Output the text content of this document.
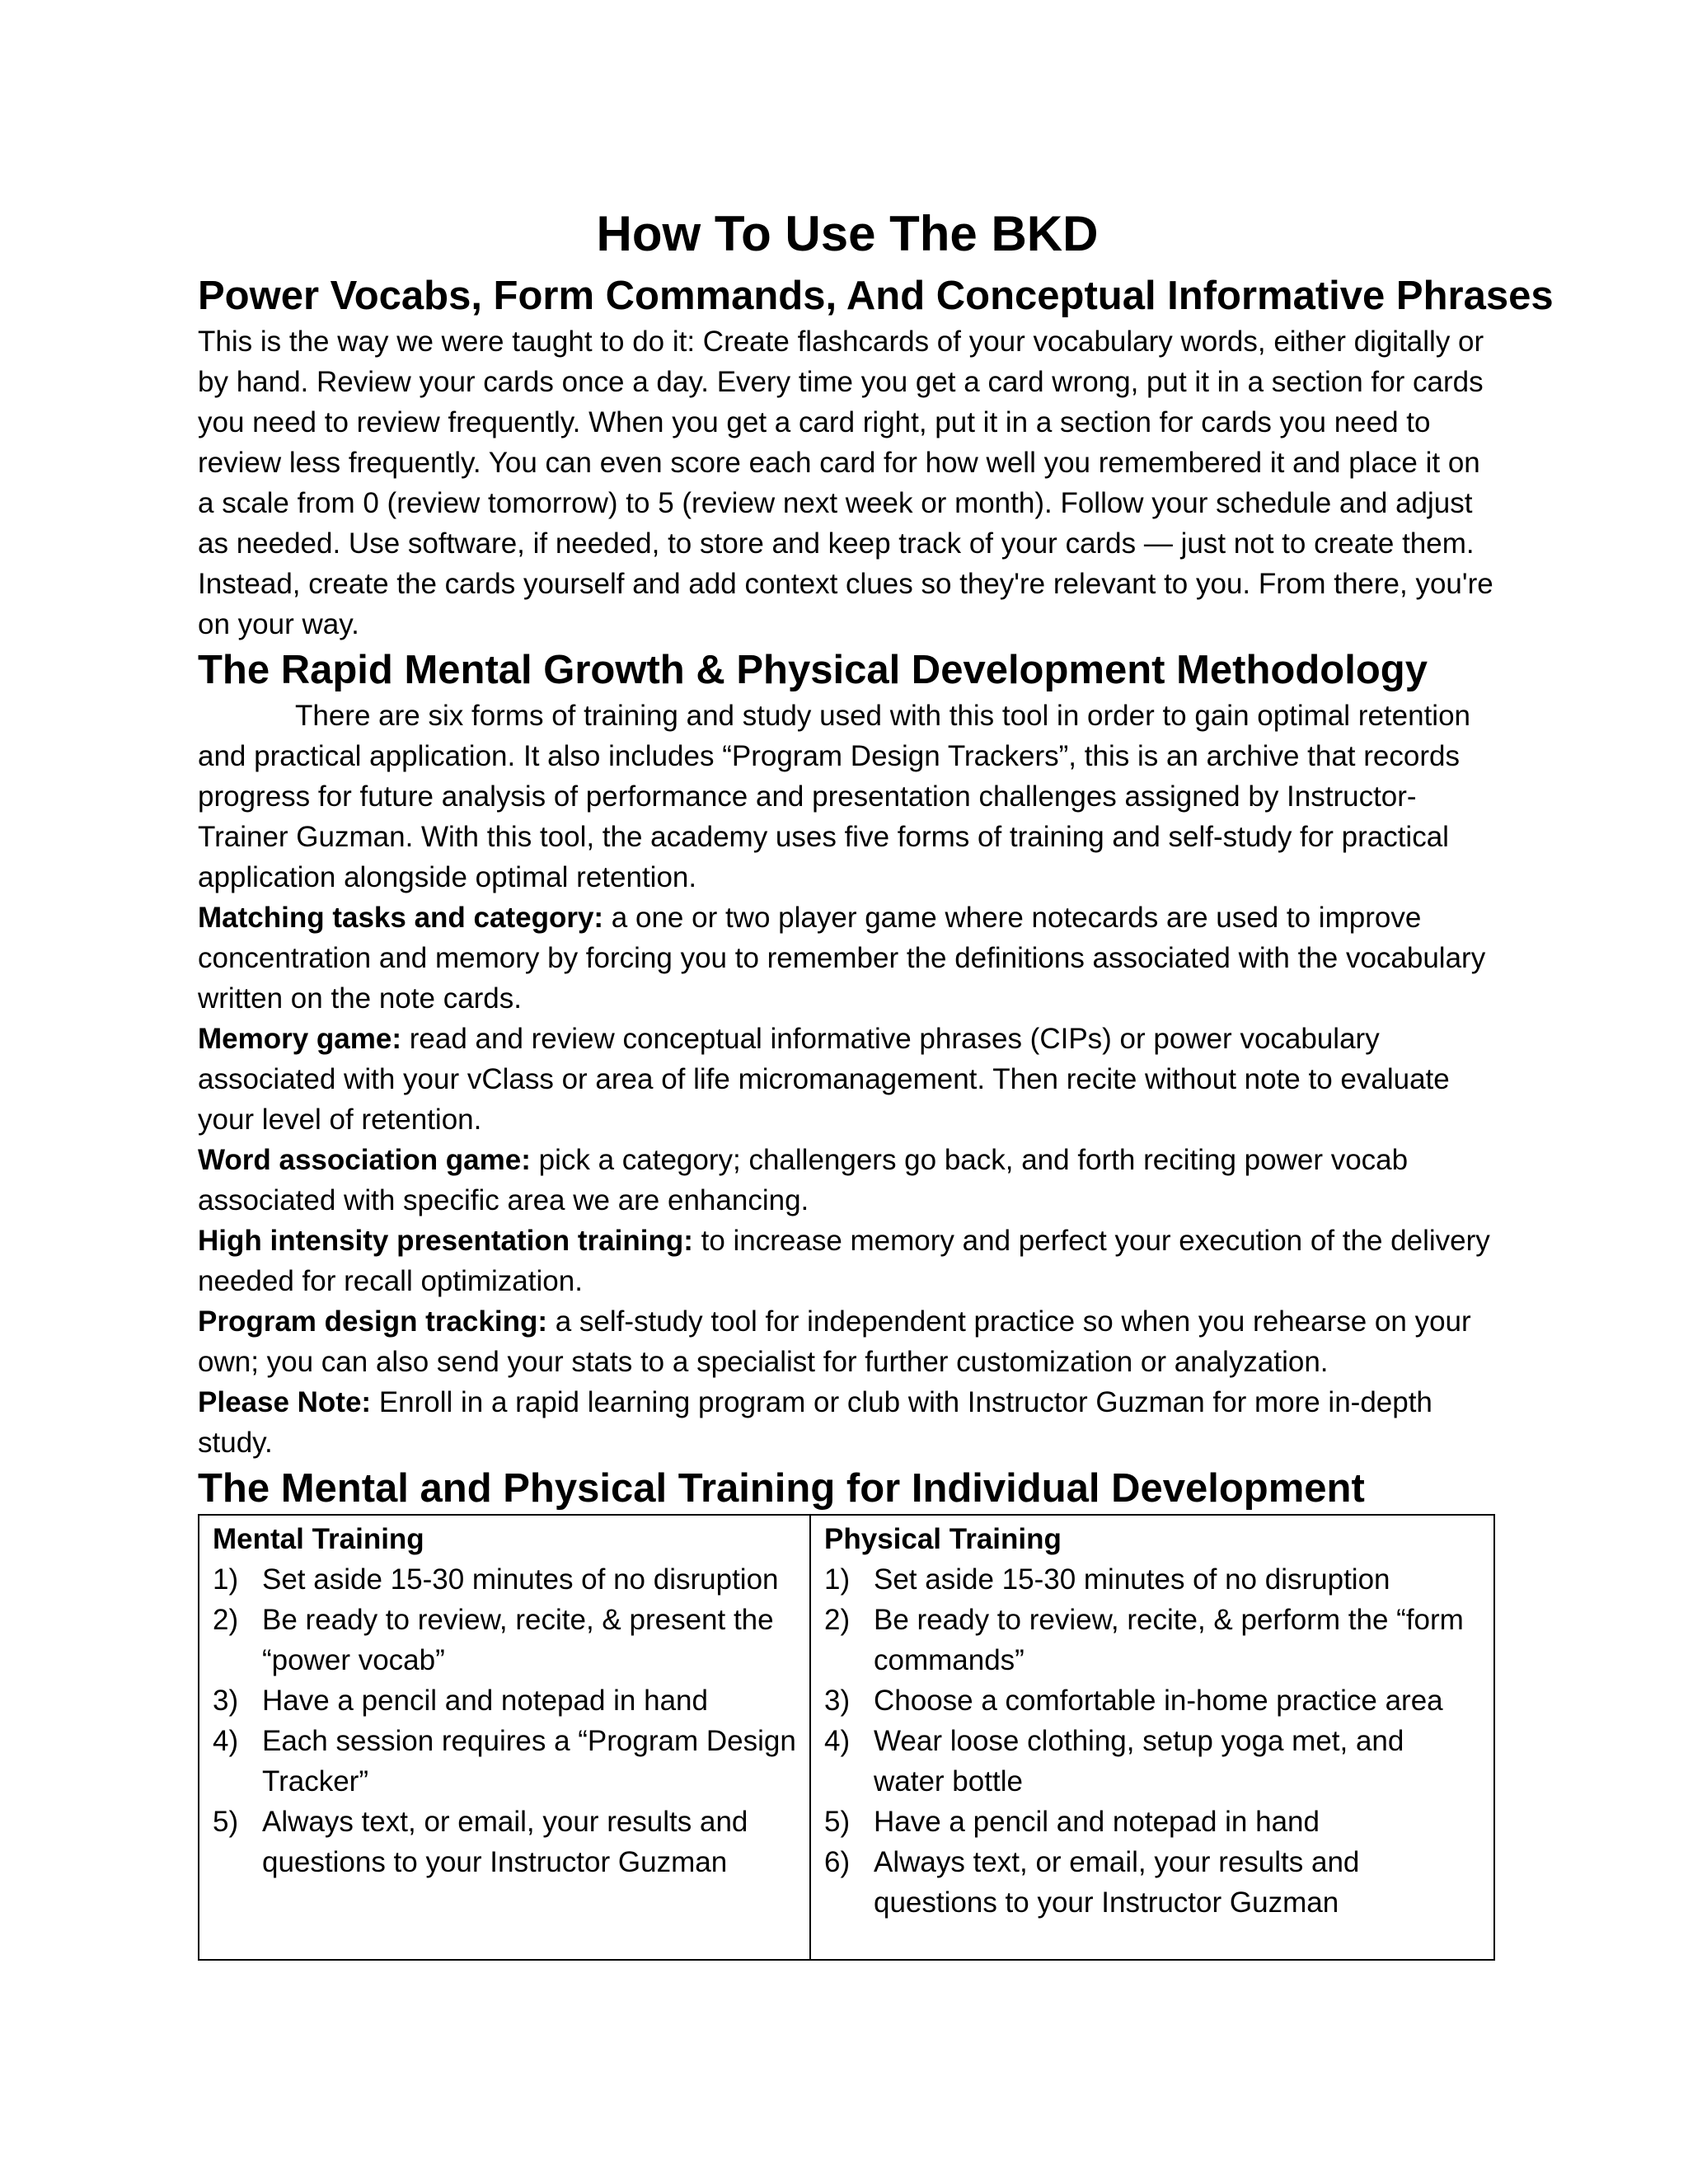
How To Use The BKD
Power Vocabs, Form Commands, And Conceptual Informative Phrases

This is the way we were taught to do it: Create flashcards of your vocabulary words, either digitally or by hand. Review your cards once a day. Every time you get a card wrong, put it in a section for cards you need to review frequently. When you get a card right, put it in a section for cards you need to review less frequently. You can even score each card for how well you remembered it and place it on a scale from 0 (review tomorrow) to 5 (review next week or month). Follow your schedule and adjust as needed. Use software, if needed, to store and keep track of your cards — just not to create them. Instead, create the cards yourself and add context clues so they're relevant to you. From there, you're on your way.

The Rapid Mental Growth & Physical Development Methodology

There are six forms of training and study used with this tool in order to gain optimal retention and practical application. It also includes “Program Design Trackers”, this is an archive that records progress for future analysis of performance and presentation challenges assigned by Instructor-Trainer Guzman. With this tool, the academy uses five forms of training and self-study for practical application alongside optimal retention.

Matching tasks and category: a one or two player game where notecards are used to improve concentration and memory by forcing you to remember the definitions associated with the vocabulary written on the note cards.

Memory game: read and review conceptual informative phrases (CIPs) or power vocabulary associated with your vClass or area of life micromanagement. Then recite without note to evaluate your level of retention.

Word association game: pick a category; challengers go back, and forth reciting power vocab associated with specific area we are enhancing.

High intensity presentation training: to increase memory and perfect your execution of the delivery needed for recall optimization.

Program design tracking: a self-study tool for independent practice so when you rehearse on your own; you can also send your stats to a specialist for further customization or analyzation.

Please Note: Enroll in a rapid learning program or club with Instructor Guzman for more in-depth study.

The Mental and Physical Training for Individual Development
Mental Training
1) Set aside 15-30 minutes of no disruption
2) Be ready to review, recite, & present the “power vocab”
3) Have a pencil and notepad in hand
4) Each session requires a “Program Design Tracker”
5) Always text, or email, your results and questions to your Instructor Guzman
Physical Training
1) Set aside 15-30 minutes of no disruption
2) Be ready to review, recite, & perform the “form commands”
3) Choose a comfortable in-home practice area
4) Wear loose clothing, setup yoga met, and water bottle
5) Have a pencil and notepad in hand
6) Always text, or email, your results and questions to your Instructor Guzman
